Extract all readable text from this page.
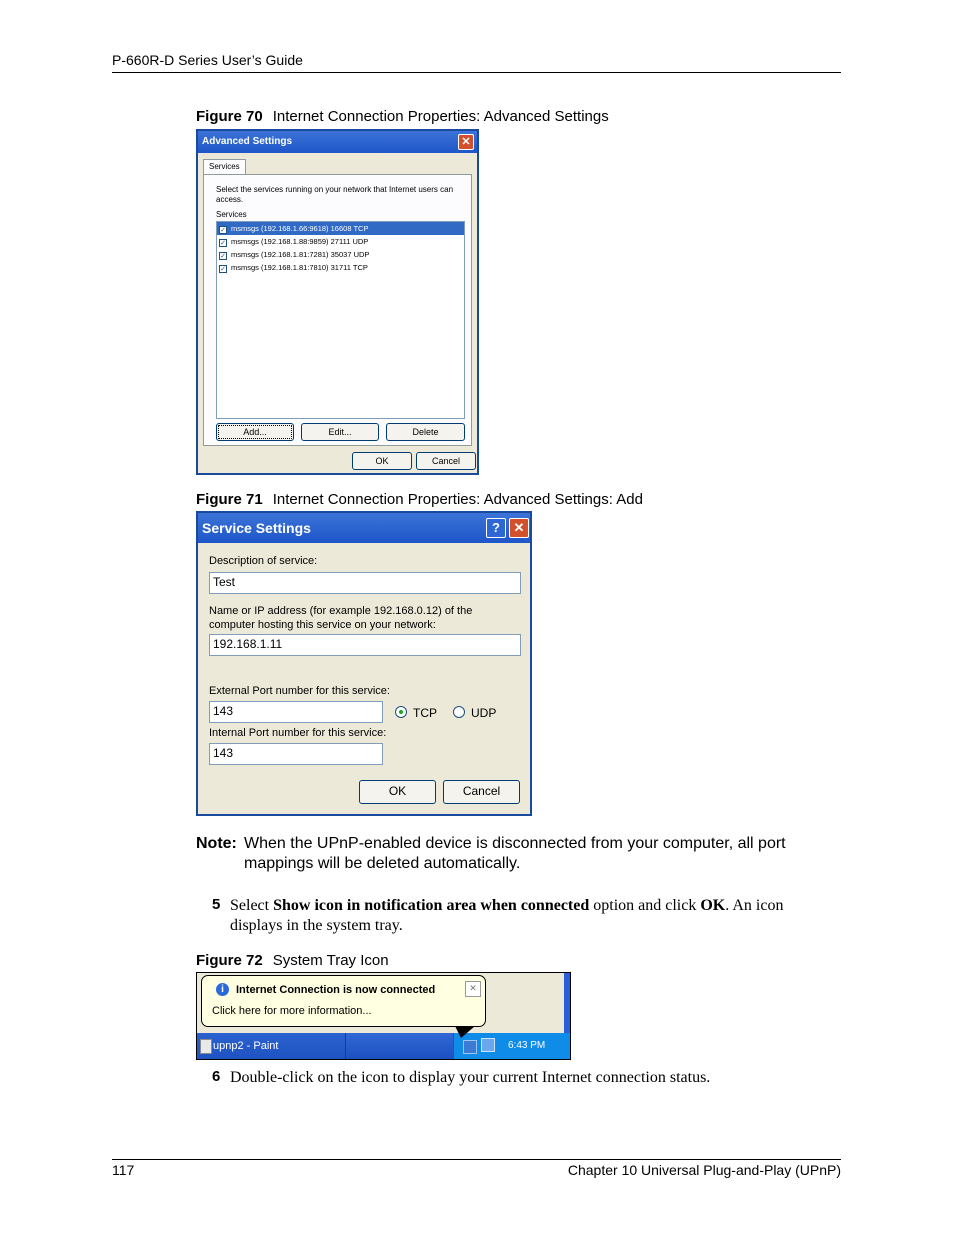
P-660R-D Series User’s Guide
Figure 70 Internet Connection Properties: Advanced Settings
Advanced Settings	✕
Services
Select the services running on your network that Internet users can access.
Services
✓ msmsgs (192.168.1.66:9618) 16608 TCP
✓ msmsgs (192.168.1.88:9859) 27111 UDP
✓ msmsgs (192.168.1.81:7281) 35037 UDP
✓ msmsgs (192.168.1.81:7810) 31711 TCP
Add...	Edit...	Delete
OK	Cancel
Figure 71 Internet Connection Properties: Advanced Settings: Add
Service Settings	?	✕
Description of service:
Test
Name or IP address (for example 192.168.0.12) of the
computer hosting this service on your network:
192.168.1.11
External Port number for this service:
143	TCP	UDP
Internal Port number for this service:
143
OK	Cancel
Note: When the UPnP-enabled device is disconnected from your computer, all port
mappings will be deleted automatically.
5 Select Show icon in notification area when connected option and click OK. An icon
displays in the system tray.
Figure 72 System Tray Icon
upnp2 - Paint	6:43 PM
i	Internet Connection is now connected	✕
Click here for more information...
6 Double-click on the icon to display your current Internet connection status.
117	Chapter 10 Universal Plug-and-Play (UPnP)
